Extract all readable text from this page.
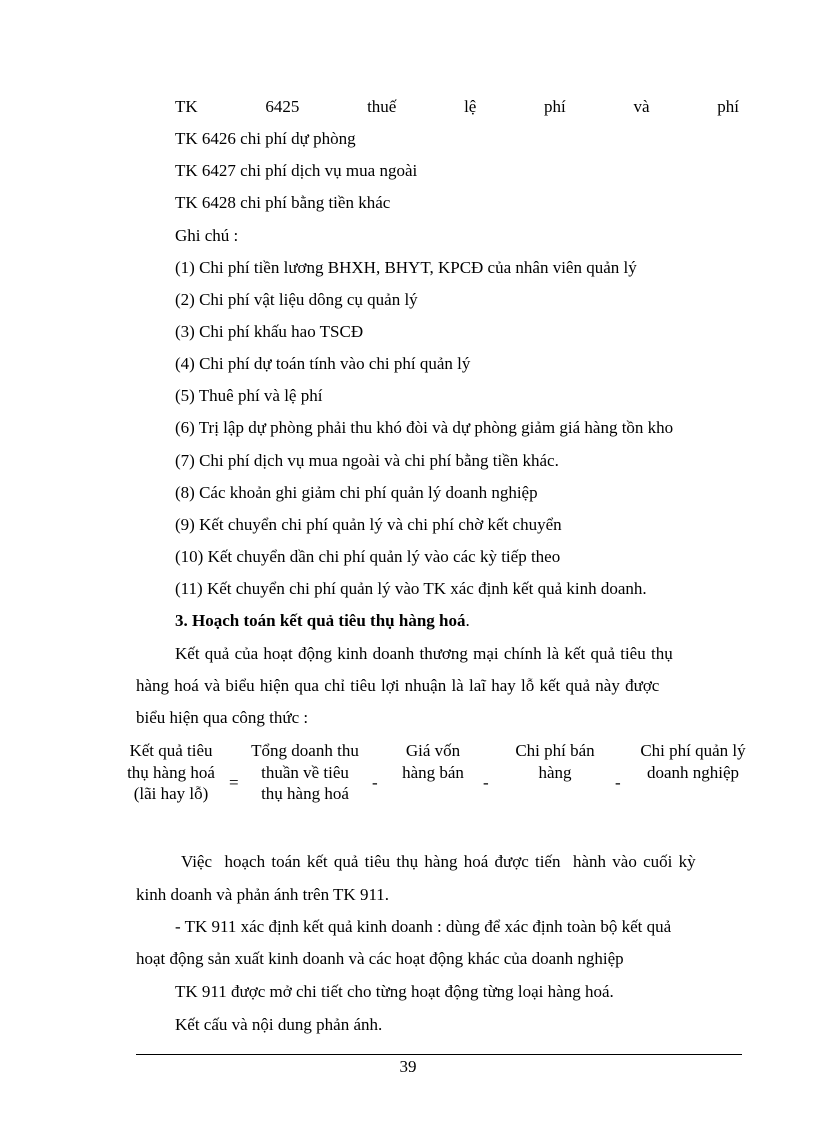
TK	6425	thuế	lệ	phí	và	phí
TK 6426 chi phí dự phòng
TK 6427 chi phí dịch vụ mua ngoài
TK 6428 chi phí bằng tiền khác
Ghi chú :
(1) Chi phí tiền lương BHXH, BHYT, KPCĐ của nhân viên quản lý
(2) Chi phí vật liệu dông cụ quản lý
(3) Chi phí khấu hao TSCĐ
(4) Chi phí dự toán tính vào chi phí quản lý
(5) Thuê phí và lệ phí
(6) Trị lập dự phòng phải thu khó đòi và dự phòng giảm giá hàng tồn kho
(7) Chi phí dịch vụ mua ngoài và chi phí bằng tiền khác.
(8) Các khoản ghi giảm chi phí quản lý doanh nghiệp
(9) Kết chuyển chi phí quản lý và chi phí chờ kết chuyển
(10) Kết chuyển dần chi phí quản lý vào các kỳ tiếp theo
(11) Kết chuyển chi phí quản lý vào TK xác định kết quả kinh doanh.
3. Hoạch toán kết quả tiêu thụ hàng hoá.
Kết quả của hoạt động kinh doanh thương mại chính là kết quả tiêu thụ
hàng hoá và biểu hiện qua chỉ tiêu lợi nhuận là laĩ hay lỗ kết quả này được
biểu hiện qua công thức :
Kết quả tiêu thụ hàng hoá (lãi hay lỗ)
=
Tổng doanh thu thuần về tiêu thụ hàng hoá
-
Giá vốn hàng bán
-
Chi phí bán hàng
-
Chi phí quản lý doanh nghiệp
Việc  hoạch toán kết quả tiêu thụ hàng hoá được tiến  hành vào cuối kỳ
kinh doanh và phản ánh trên TK 911.
- TK 911 xác định kết quả kinh doanh : dùng để xác định toàn bộ kết quả
hoạt động sản xuất kinh doanh và các hoạt động khác của doanh nghiệp
TK 911 được mở chi tiết cho từng hoạt động từng loại hàng hoá.
Kết cấu và nội dung phản ánh.
39
